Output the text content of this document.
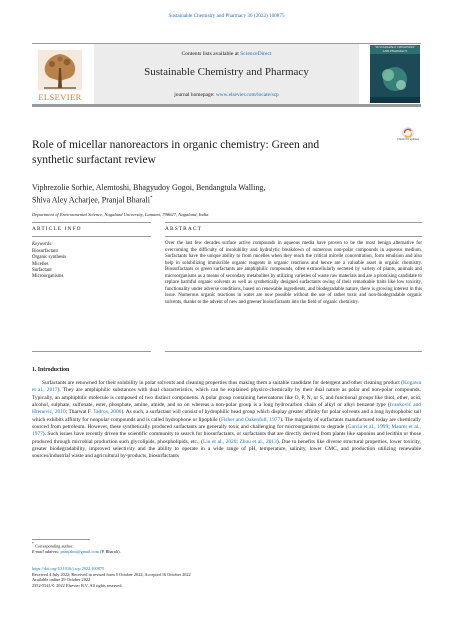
Sustainable Chemistry and Pharmacy 30 (2022) 100875
ELSEVIER
Contents lists available at ScienceDirect
Sustainable Chemistry and Pharmacy
journal homepage: www.elsevier.com/locate/scp
SUSTAINABLE CHEMISTRY AND PHARMACY
Role of micellar nanoreactors in organic chemistry: Green and synthetic surfactant review
Check for updates
Viphrezolie Sorhie, Alemtoshi, Bhagyudoy Gogoi, Bendangtula Walling,
Shiva Aley Acharjee, Pranjal Bharali*
Department of Environmental Science, Nagaland University, Lumami, 798627, Nagaland, India
ARTICLE INFO	ABSTRACT
Keywords:
Biosurfactant
Organic synthesis
Micelles
Surfactant
Microorganisms
Over the last few decades surface active compounds in aqueous media have proven to be the most benign alternative for overcoming the difficulty of insolubility and hydrolytic breakdown of numerous non-polar compounds in aqueous medium. Surfactants have the unique ability to from micelles when they reach the critical micelle concentration, form emulsion and also help in solubilizing immiscible organic reagents in organic reactions and hence are a valuable asset in organic chemistry. Biosurfactants or green surfactants are amphiphilic compounds, often extracellularly secreted by variety of plants, animals and microorganisms as a means of secondary metabolites by utilizing varieties of waste raw materials and are a promising candidate to replace harmful organic solvents as well as synthetically designed surfactants owing of their remarkable traits like low toxicity, functionality under adverse conditions, based on renewable ingredients, and biodegradable nature, there is growing interest in this issue. Numerous organic reactions in water are now possible without the use of rather toxic and non-biodegradable organic solvents, thanks to the advent of new and greener biosurfactants into the field of organic chemistry.
1. Introduction

Surfactants are renowned for their solubility in polar solvents and cleaning properties thus making them a suitable candidate for detergent and other cleaning product (Kogawa et al., 2017). They are amphiphilic substances with dual characteristics, which can be explained physico-chemically by their dual nature as polar and non-polar compounds. Typically, an amphiphilic molecule is composed of two distinct components. A polar group containing heteroatoms like O, P, N, or S, and functional groups like thiol, ether, acid, alcohol, sulphate, sulfonate, ester, phosphate, amine, amide, and so on whereas a non-polar group is a long hydrocarbon chain of alkyl or alkyl benzene type (Ivanković and Hrenović, 2010; Tharwat F. Tadros, 2006). As such, a surfactant will consist of hydrophilic head group which display greater affinity for polar solvents and a long hydrophobic tail which exhibits affinity for nonpolar compounds and is called hydrophone or lipophile (Fisher and Oakenfull, 1977). The majority of surfactants manufactured today are chemically sourced from petroleum. However, these synthetically produced surfactants are generally toxic and challenging for microorganisms to degrade (Garcia et al., 1999; Maurer et al., 1977). Such issues have recently driven the scientific community to search for biosurfactants, or surfactants that are directly derived from plants like saponins and lecithin or those produced through microbial production such glycolipids, phospholipids, etc., (Liu et al., 2020; Zhou et al., 2013). Due to benefits like diverse structural properties, lower toxicity, greater biodegradability, improved selectivity and the ability to operate in a wide range of pH, temperature, salinity, lower CMC, and production utilizing renewable sources/industrial waste and agricultural by-products, biosurfactants

* Corresponding author.
E-mail address: pranjalnu@gmail.com (P. Bharali).
https://doi.org/10.1016/j.scp.2022.100875
Received 4 July 2022; Received in revised form 5 October 2022; Accepted 16 October 2022
Available online 29 October 2022
2352-5541/© 2022 Elsevier B.V. All rights reserved.
